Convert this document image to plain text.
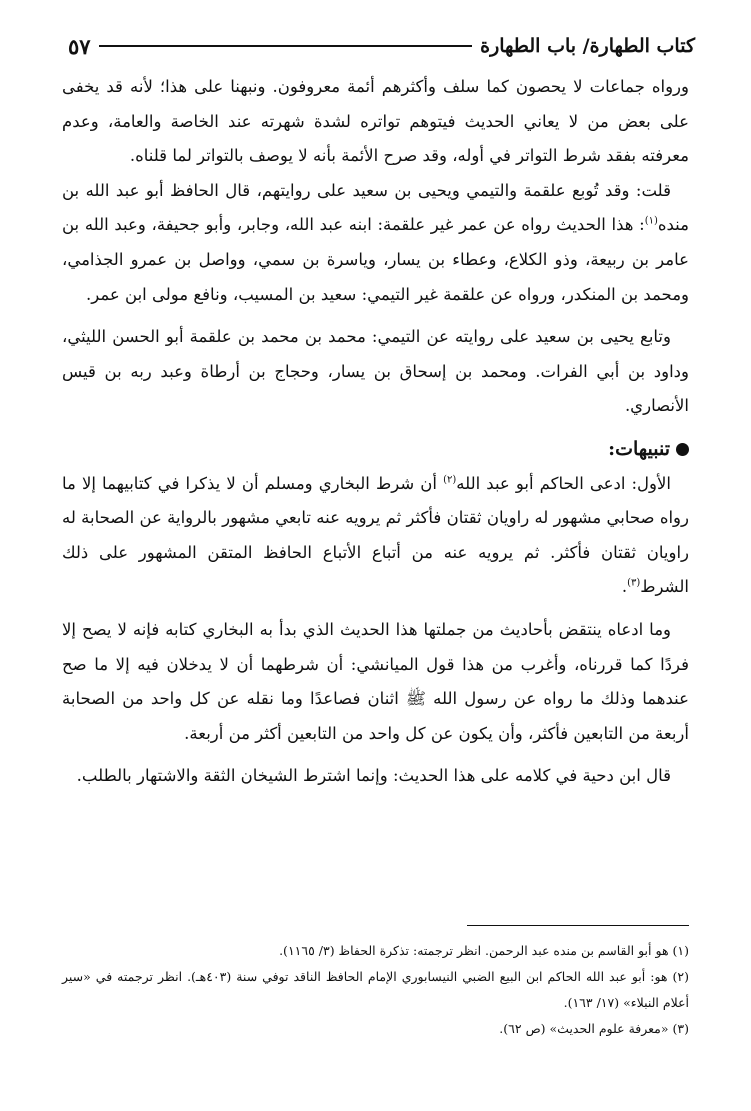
كتاب الطهارة/ باب الطهارة
٥٧

ورواه جماعات لا يحصون كما سلف وأكثرهم أئمة معروفون. ونبهنا على هذا؛ لأنه قد يخفى على بعض من لا يعاني الحديث فيتوهم تواتره لشدة شهرته عند الخاصة والعامة، وعدم معرفته بفقد شرط التواتر في أوله، وقد صرح الأئمة بأنه لا يوصف بالتواتر لما قلناه.

قلت: وقد تُوبع علقمة والتيمي ويحيى بن سعيد على روايتهم، قال الحافظ أبو عبد الله بن منده$^{(١)}$: هذا الحديث رواه عن عمر غير علقمة: ابنه عبد الله، وجابر، وأبو جحيفة، وعبد الله بن عامر بن ربيعة، وذو الكلاع، وعطاء بن يسار، وياسرة بن سمي، وواصل بن عمرو الجذامي، ومحمد بن المنكدر، ورواه عن علقمة غير التيمي: سعيد بن المسيب، ونافع مولى ابن عمر.

وتابع يحيى بن سعيد على روايته عن التيمي: محمد بن محمد بن علقمة أبو الحسن الليثي، وداود بن أبي الفرات. ومحمد بن إسحاق بن يسار، وحجاج بن أرطاة وعبد ربه بن قيس الأنصاري.

تنبيهات:

الأول: ادعى الحاكم أبو عبد الله$^{(٢)}$ أن شرط البخاري ومسلم أن لا يذكرا في كتابيهما إلا ما رواه صحابي مشهور له راويان ثقتان فأكثر ثم يرويه عنه تابعي مشهور بالرواية عن الصحابة له راويان ثقتان فأكثر. ثم يرويه عنه من أتباع الأتباع الحافظ المتقن المشهور على ذلك الشرط$^{(٣)}$.

وما ادعاه ينتقض بأحاديث من جملتها هذا الحديث الذي بدأ به البخاري كتابه فإنه لا يصح إلا فردًا كما قررناه، وأغرب من هذا قول الميانشي: أن شرطهما أن لا يدخلان فيه إلا ما صح عندهما وذلك ما رواه عن رسول الله ﷺ اثنان فصاعدًا وما نقله عن كل واحد من الصحابة أربعة من التابعين فأكثر، وأن يكون عن كل واحد من التابعين أكثر من أربعة.

قال ابن دحية في كلامه على هذا الحديث: وإنما اشترط الشيخان الثقة والاشتهار بالطلب.

(١) هو أبو القاسم بن منده عبد الرحمن. انظر ترجمته: تذكرة الحفاظ (٣/ ١١٦٥).

(٢) هو: أبو عبد الله الحاكم ابن البيع الضبي النيسابوري الإمام الحافظ الناقد توفي سنة (٤٠٣هـ). انظر ترجمته في «سير أعلام النبلاء» (١٧/ ١٦٣).

(٣) «معرفة علوم الحديث» (ص ٦٢).
